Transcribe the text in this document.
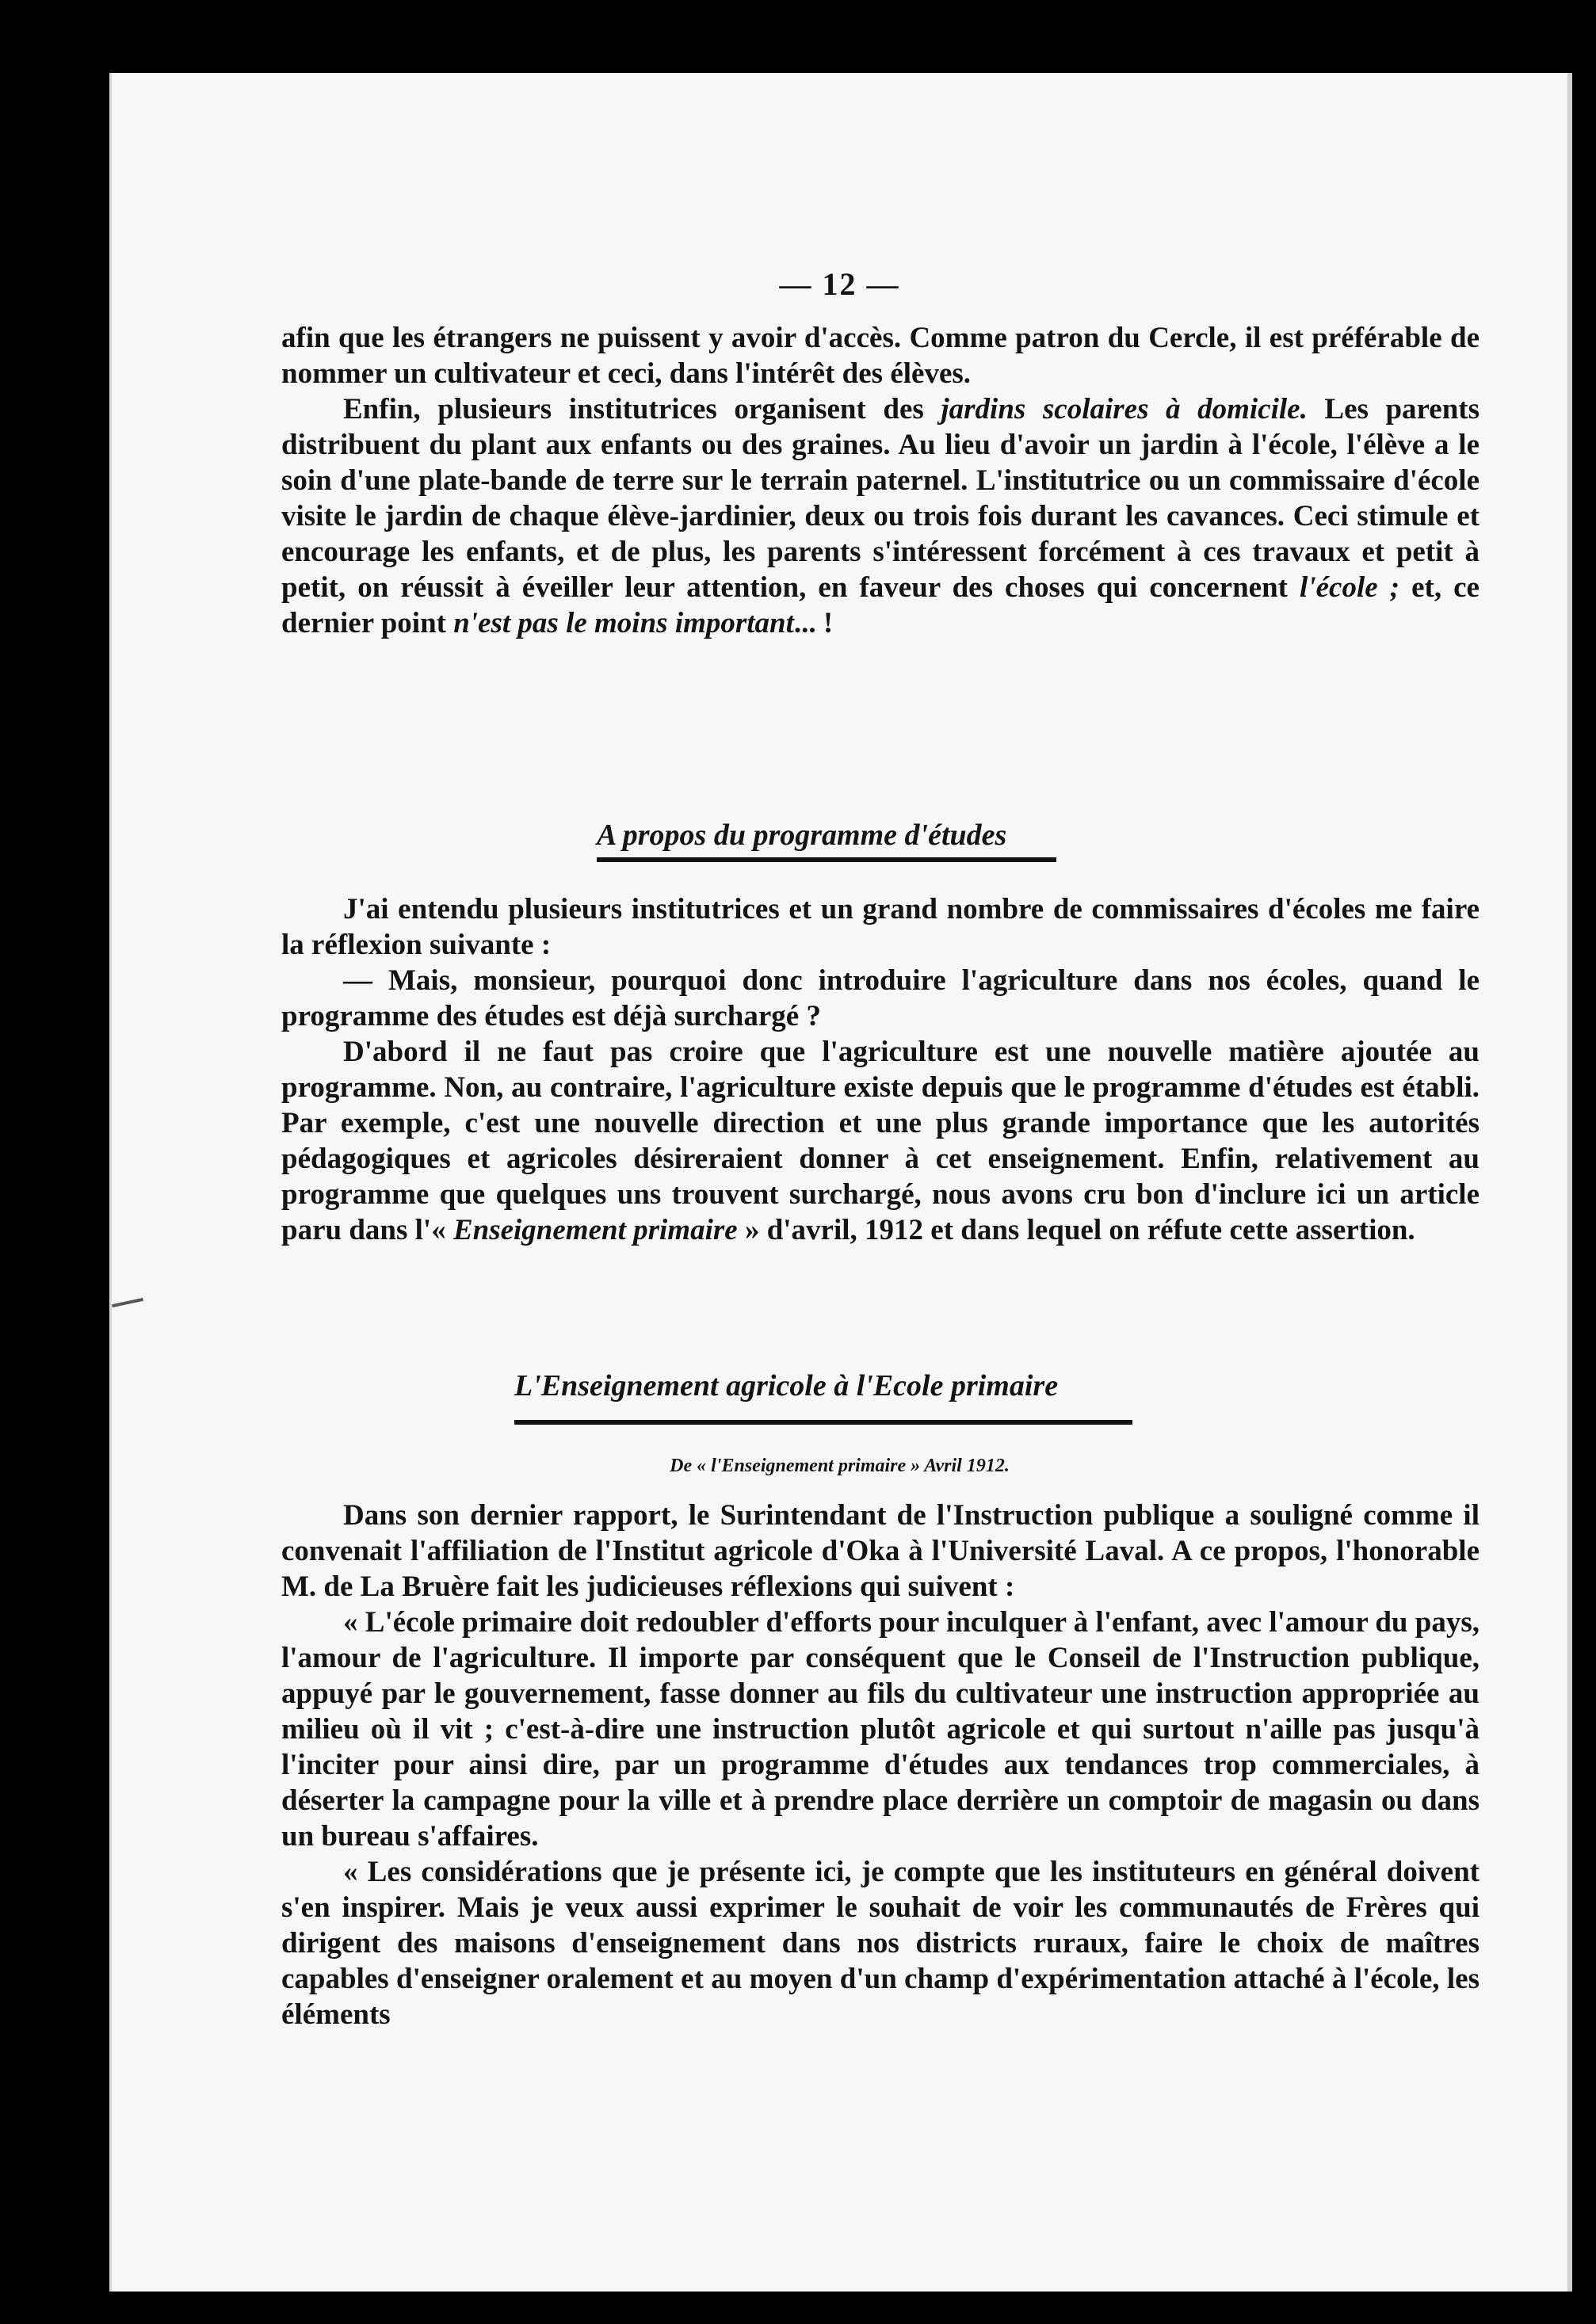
— 12 —

afin que les étrangers ne puissent y avoir d'accès. Comme patron du Cercle, il est préférable de nommer un cultivateur et ceci, dans l'intérêt des élèves.

Enfin, plusieurs institutrices organisent des jardins scolaires à domicile. Les parents distribuent du plant aux enfants ou des graines. Au lieu d'avoir un jardin à l'école, l'élève a le soin d'une plate-bande de terre sur le terrain paternel. L'institutrice ou un commissaire d'école visite le jardin de chaque élève-jardinier, deux ou trois fois durant les cavances. Ceci stimule et encourage les enfants, et de plus, les parents s'intéressent forcément à ces travaux et petit à petit, on réussit à éveiller leur attention, en faveur des choses qui concernent l'école ; et, ce dernier point n'est pas le moins important... !

A propos du programme d'études

J'ai entendu plusieurs institutrices et un grand nombre de commissaires d'écoles me faire la réflexion suivante :

— Mais, monsieur, pourquoi donc introduire l'agriculture dans nos écoles, quand le programme des études est déjà surchargé ?

D'abord il ne faut pas croire que l'agriculture est une nouvelle matière ajoutée au programme. Non, au contraire, l'agriculture existe depuis que le programme d'études est établi. Par exemple, c'est une nouvelle direction et une plus grande importance que les autorités pédagogiques et agricoles désireraient donner à cet enseignement. Enfin, relativement au programme que quelques uns trouvent surchargé, nous avons cru bon d'inclure ici un article paru dans l'« Enseignement primaire » d'avril, 1912 et dans lequel on réfute cette assertion.

L'Enseignement agricole à l'Ecole primaire
De « l'Enseignement primaire » Avril 1912.

Dans son dernier rapport, le Surintendant de l'Instruction publique a souligné comme il convenait l'affiliation de l'Institut agricole d'Oka à l'Université Laval. A ce propos, l'honorable M. de La Bruère fait les judicieuses réflexions qui suivent :

« L'école primaire doit redoubler d'efforts pour inculquer à l'enfant, avec l'amour du pays, l'amour de l'agriculture. Il importe par conséquent que le Conseil de l'Instruction publique, appuyé par le gouvernement, fasse donner au fils du cultivateur une instruction appropriée au milieu où il vit ; c'est-à-dire une instruction plutôt agricole et qui surtout n'aille pas jusqu'à l'inciter pour ainsi dire, par un programme d'études aux tendances trop commerciales, à déserter la campagne pour la ville et à prendre place derrière un comptoir de magasin ou dans un bureau s'affaires.

« Les considérations que je présente ici, je compte que les instituteurs en général doivent s'en inspirer. Mais je veux aussi exprimer le souhait de voir les communautés de Frères qui dirigent des maisons d'enseignement dans nos districts ruraux, faire le choix de maîtres capables d'enseigner oralement et au moyen d'un champ d'expérimentation attaché à l'école, les éléments
